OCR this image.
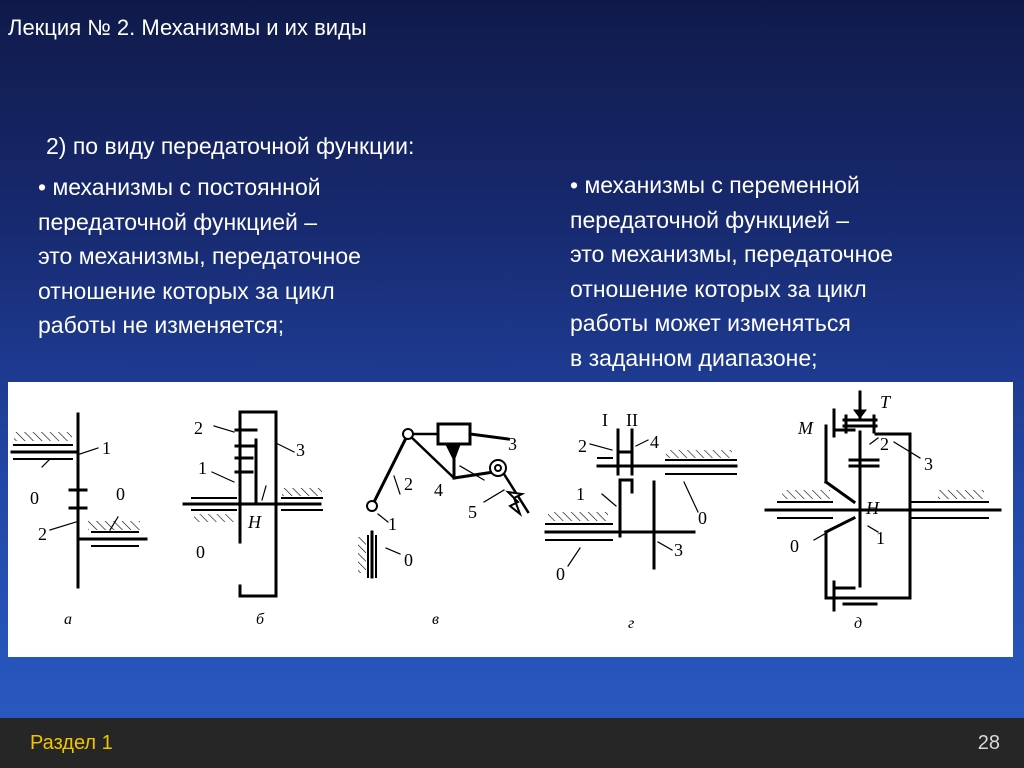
Лекция № 2. Механизмы и их виды
2) по виду передаточной функции:
• механизмы с постоянной
передаточной функцией –
это механизмы, передаточное
отношение которых за цикл
работы не изменяется;
• механизмы с переменной
передаточной функцией –
это механизмы, передаточное
отношение которых за цикл
работы может изменяться
в заданном диапазоне;
1
0	0
2
2
1
3
H
0
3
2 4
5
1
0
I II
2	4
1
0
3
0
T
M
2
3
H
1
0
а	б	в	г	д
Раздел 1	28
